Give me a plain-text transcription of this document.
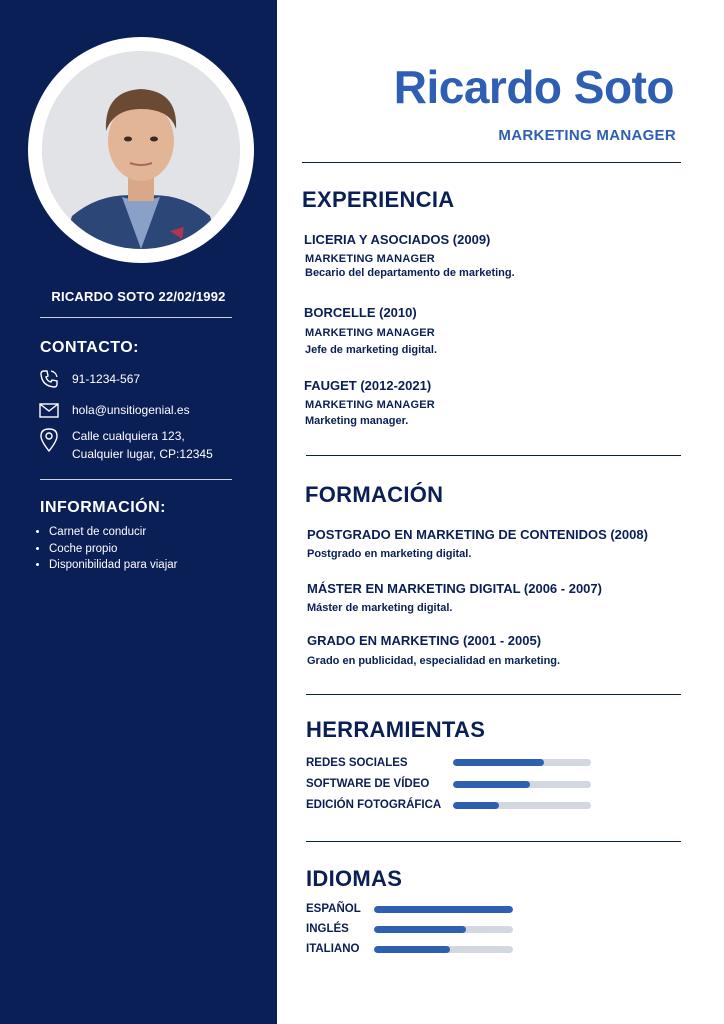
RICARDO SOTO 22/02/1992
CONTACTO:
91-1234-567
hola@unsitiogenial.es
Calle cualquiera 123,
Cualquier lugar, CP:12345
INFORMACIÓN:
• Carnet de conducir
• Coche propio
• Disponibilidad para viajar
Ricardo Soto
MARKETING MANAGER
EXPERIENCIA
LICERIA Y ASOCIADOS (2009)
MARKETING MANAGER
Becario del departamento de marketing.
BORCELLE (2010)
MARKETING MANAGER
Jefe de marketing digital.
FAUGET (2012-2021)
MARKETING MANAGER
Marketing manager.
FORMACIÓN
POSTGRADO EN MARKETING DE CONTENIDOS (2008)
Postgrado en marketing digital.
MÁSTER EN MARKETING DIGITAL (2006 - 2007)
Máster de marketing digital.
GRADO EN MARKETING (2001 - 2005)
Grado en publicidad, especialidad en marketing.
HERRAMIENTAS
REDES SOCIALES
SOFTWARE DE VÍDEO
EDICIÓN FOTOGRÁFICA
IDIOMAS
ESPAÑOL
INGLÉS
ITALIANO
